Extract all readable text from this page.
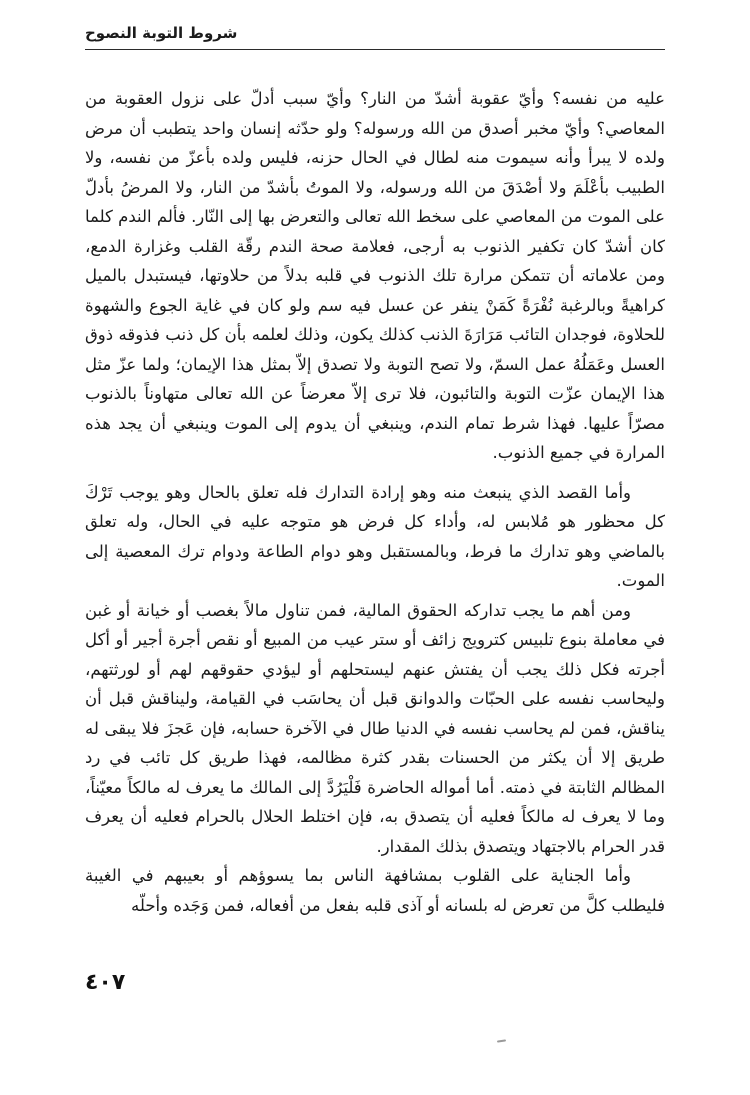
شروط التوبة النصوح

عليه من نفسه؟ وأيّ عقوبة أشدّ من النار؟ وأيّ سبب أدلّ على نزول العقوبة من المعاصي؟ وأيّ مخبر أصدق من الله ورسوله؟ ولو حدّثه إنسان واحد يتطبب أن مرض ولده لا يبرأ وأنه سيموت منه لطال في الحال حزنه، فليس ولده بأعزّ من نفسه، ولا الطبيب بأعْلَمَ ولا أصْدَقَ من الله ورسوله، ولا الموتُ بأشدّ من النار، ولا المرضُ بأدلّ على الموت من المعاصي على سخط الله تعالى والتعرض بها إلى النّار. فألم الندم كلما كان أشدّ كان تكفير الذنوب به أرجى، فعلامة صحة الندم رقّة القلب وغزارة الدمع، ومن علاماته أن تتمكن مرارة تلك الذنوب في قلبه بدلاً من حلاوتها، فيستبدل بالميل كراهيةً وبالرغبة نُفْرَةً كَمَنْ ينفر عن عسل فيه سم ولو كان في غاية الجوع والشهوة للحلاوة، فوجدان التائب مَرَارَةَ الذنب كذلك يكون، وذلك لعلمه بأن كل ذنب فذوقه ذوق العسل وعَمَلُهُ عمل السمّ، ولا تصح التوبة ولا تصدق إلاّ بمثل هذا الإيمان؛ ولما عزّ مثل هذا الإيمان عزّت التوبة والتائبون، فلا ترى إلاّ معرضاً عن الله تعالى متهاوناً بالذنوب مصرّاً عليها. فهذا شرط تمام الندم، وينبغي أن يدوم إلى الموت وينبغي أن يجد هذه المرارة في جميع الذنوب.

وأما القصد الذي ينبعث منه وهو إرادة التدارك فله تعلق بالحال وهو يوجب تَرْكَ كل محظور هو مُلابس له، وأداء كل فرض هو متوجه عليه في الحال، وله تعلق بالماضي وهو تدارك ما فرط، وبالمستقبل وهو دوام الطاعة ودوام ترك المعصية إلى الموت.

ومن أهم ما يجب تداركه الحقوق المالية، فمن تناول مالاً بغصب أو خيانة أو غبن في معاملة بنوع تلبيس كترويج زائف أو ستر عيب من المبيع أو نقص أجرة أجير أو أكل أجرته فكل ذلك يجب أن يفتش عنهم ليستحلهم أو ليؤدي حقوقهم لهم أو لورثتهم، وليحاسب نفسه على الحبّات والدوانق قبل أن يحاسَب في القيامة، وليناقش قبل أن يناقش، فمن لم يحاسب نفسه في الدنيا طال في الآخرة حسابه، فإن عَجزَ فلا يبقى له طريق إلا أن يكثر من الحسنات بقدر كثرة مظالمه، فهذا طريق كل تائب في رد المظالم الثابتة في ذمته. أما أمواله الحاضرة فَلْيَرُدَّ إلى المالك ما يعرف له مالكاً معيّناً، وما لا يعرف له مالكاً فعليه أن يتصدق به، فإن اختلط الحلال بالحرام فعليه أن يعرف قدر الحرام بالاجتهاد ويتصدق بذلك المقدار.

وأما الجناية على القلوب بمشافهة الناس بما يسوؤهم أو بعيبهم في الغيبة فليطلب كلَّ من تعرض له بلسانه أو آذى قلبه بفعل من أفعاله، فمن وَجَده وأحلّه

٤٠٧
